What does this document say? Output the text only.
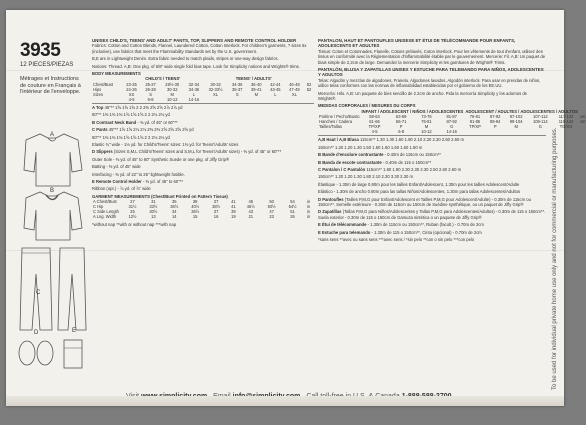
3935
12 PIECES/PIEZAS
Métrages et Instructions de couture en Français à l'intérieur de l'enveloppe.
A
B
C
D	E
UNISEX CHILD'S, TEENS' AND ADULT' PANTS, TOP, SLIPPERS AND REMOTE CONTROL HOLDER

Fabrics: Cotton and Cotton Blends, Flannel, Laundered Cotton, Cotton Interlock. For children's garments, ? sizes 6x (inclusive), use fabrics that meet the Flammability Standards set by the U.S. government.

B,E are in Lightweight Denim. Extra fabric needed to match plaids, stripes or one-way design fabrics.

Notions: Thread. A,B: One pkg. of 5/8" wide single fold bias tape. Look for Simplicity notions and Wrights® trims.

BODY MEASUREMENTS
	CHILD'S / TEENS'				TEENS' / ADULTS'					
Chest/Bust	23-25	25-27	28½-30	32-34	30-32	34-36	36-40	42-44	46-48	52
Hips	24-26	26-28	30-32	34-36	32-33½	35-37	39-41	43-45	47-49	52
Sizes	XS	S	M	L	XL	S	M	L	XL	
	4-5	6-8	10-12	14-16						
A Top 45"** 1⅝ 1⅝ 1⅝ 2 2 2⅜ 2⅝ 2⅝ 2⅞ 2⅞ yd
60"** 1⅜ 1⅜ 1⅜ 1⅝ 1⅝ 1⅝ 2 2 2⅛ 2⅛ yd
B Contrast Neck Band - ⅜ yd. of 45" or 60"**
C Pants 45"** 1⅝ 1⅝ 2⅛ 2⅛ 2⅜ 2⅜ 2⅝ 2⅝ 2⅝ 2⅝ yd
60"** 1⅜ 1⅜ 1⅜ 1⅝ 1⅝ 1⅝ 2 2 2⅛ 2⅛ yd
Elastic ¾" wide - 1⅛ yd. for Child's/Teens' sizes: 1⅜ yd. for Teens'/Adults' sizes
D Slippers (Sizes S,M,L Child's/Teens' sizes and S,M,L for Teens'/Adults' sizes) - ⅜ yd. of 45" or 60"**
Outer Sole - ⅜ yd. of 45" to 60" Synthetic Suede or one pkg. of Jiffy Grip®
Batting - ⅜ yd. of 45" wide
Interfacing - ⅜ yd. of 22" to 25" lightweight fusible.
E Remote Control Holder - ⅜ yd. of 45" to 60"**
Ribbon (opt.) - ⅞ yd. of ⅞" wide
GARMENT MEASUREMENTS (Chest/Bust Printed on Pattern Tissue)
A Chest/Bust	27	31	35	38	37	41	45	50	54	in
C Hip	31½	33½	36½	40½	38½	41	46½	50½	54½	in
C Side Length	25	30½	34	36½	37	39	43	47	51	in
A Lng. Width	12½	13	14	15	16	19	21	23	26	in
*without nap **with or without nap ***with nap
PANTALON, HAUT ET PANTOUFLES UNISEXE ET ÉTUI DE TÉLÉCOMMANDE POUR ENFANTS, ADOLESCENTS ET ADULTES

Tissus: Coton et Cotonnades, Flanelle, Cotons prélavés, Coton interlock. Pour les vêtements de tout d'enfant, utilisez des tissus en conformité avec la Réglementation d'Inflammabilité établie par le gouvernement. Mercerie: Fil. A,B: Un paquet de biais simple de 2,2cm de large. Demandez la mercerie Simplicity et les garnitures de Wrights® Trims.

PANTALÓN, BLUSA Y ZAPATILLAS UNISEX Y ESTUCHE PARA TELEMANDO PARA NIÑOS, ADOLESCENTES Y ADULTOS

Telas: Algodón y mezclas de algodones, Franela, Algodones lavados, Algodón interlock. Para usar en prendas de niños, utilice telas conformes con las normas de inflamabilidad establecidas por el gobierno de los EE.UU.

Mercería: Hilo. A,B: Un paquete de bies sencillo de 2.2cm de ancho. Pida la mercería Simplicity y los adornos de Wrights®.

MEDIDAS CORPORALES / MESURES DU CORPS
	INFANT / ADOLESCENT / NIÑOS / ADOLESCENTES				ADOLESCENT / ADULTES / ADOLESCENTES / ADULTOS					
Poitrine / Pecho/Busto	58-63	63-69	73-76	81-87	76-81	87-92	97-102	107-112	117-122	cm
Hanches / Cadera	61-66	66-71	76-81	87-92	81-85	89-94	99-104	109-114	119-124	cm
Tailles/Tallas	TP/XP	P	M	G	TP/XP	P	M	G	TG/XG	
	4-5	6-8	10-12	14-16						
A,B Haut / A,B Blusa 115cm** 1.30 1.30 1.60 1.90 2.10 2.20 2.30 2.50 2.60 m
150cm** 1.20 1.20 1.30 1.50 1.60 1.60 1.60 1.60 1.80 m
B Bande d'encolure contrastante - 0.40m de 115cm ou 150cm**
B Banda de escote contrastante - 0.40m de 115 o 150cm**
C Pantalon / C Pantalón 115cm** 1.60 1.90 2.30 2.30 2.30 2.50 2.60 2.60 m
150cm** 1.20 1.20 1.30 1.80 2.10 2.30 3.30 2.30 m
Élastique - 1.30m de large 0.80m pour les tailles Enfant/Adolescent, 1.30m pour les tailles Adolescent/Adulte
Elástico - 1.30m de ancho 0.80m para las tallas Niños/Adolescentes, 1.30m para tallas Adolescentes/Adultos
D Pantoufles (Tailles P,M,G pour Enfant/Adolescent et Tailles P,M,G pour Adolescent/Adulte) - 0.30m de 115cm ou 150cm**. Semelle extérieure - 0.30m de 115cm ou 150cm de Suédine synthétique, ou un paquet de Jiffy Grip®
D Zapatillas (Tallas P,M,G para Niños/Adolescentes y Tallas P,M,G para Adolescentes/Adultos) - 0.30m de 115 o 150cm**. Suela exterior - 0.30m de 115 o 150cm de Gamuza sintética o un paquete de Jiffy Grip®
E Étui de télécommande - 1.30m de 115cm ou 150cm**, Ruban (facult.) - 0.70m de 2cm
E Estuche para telemando - 1.30m de 115 o 150cm**, Cinta (opcional) - 0.70m de 2cm
*sans sens **avec ou sans sens ***avec sens / *sin pelo **con o sin pelo ***con pelo	To be used for individual private home use only and not for commercial or manufacturing purposes.
